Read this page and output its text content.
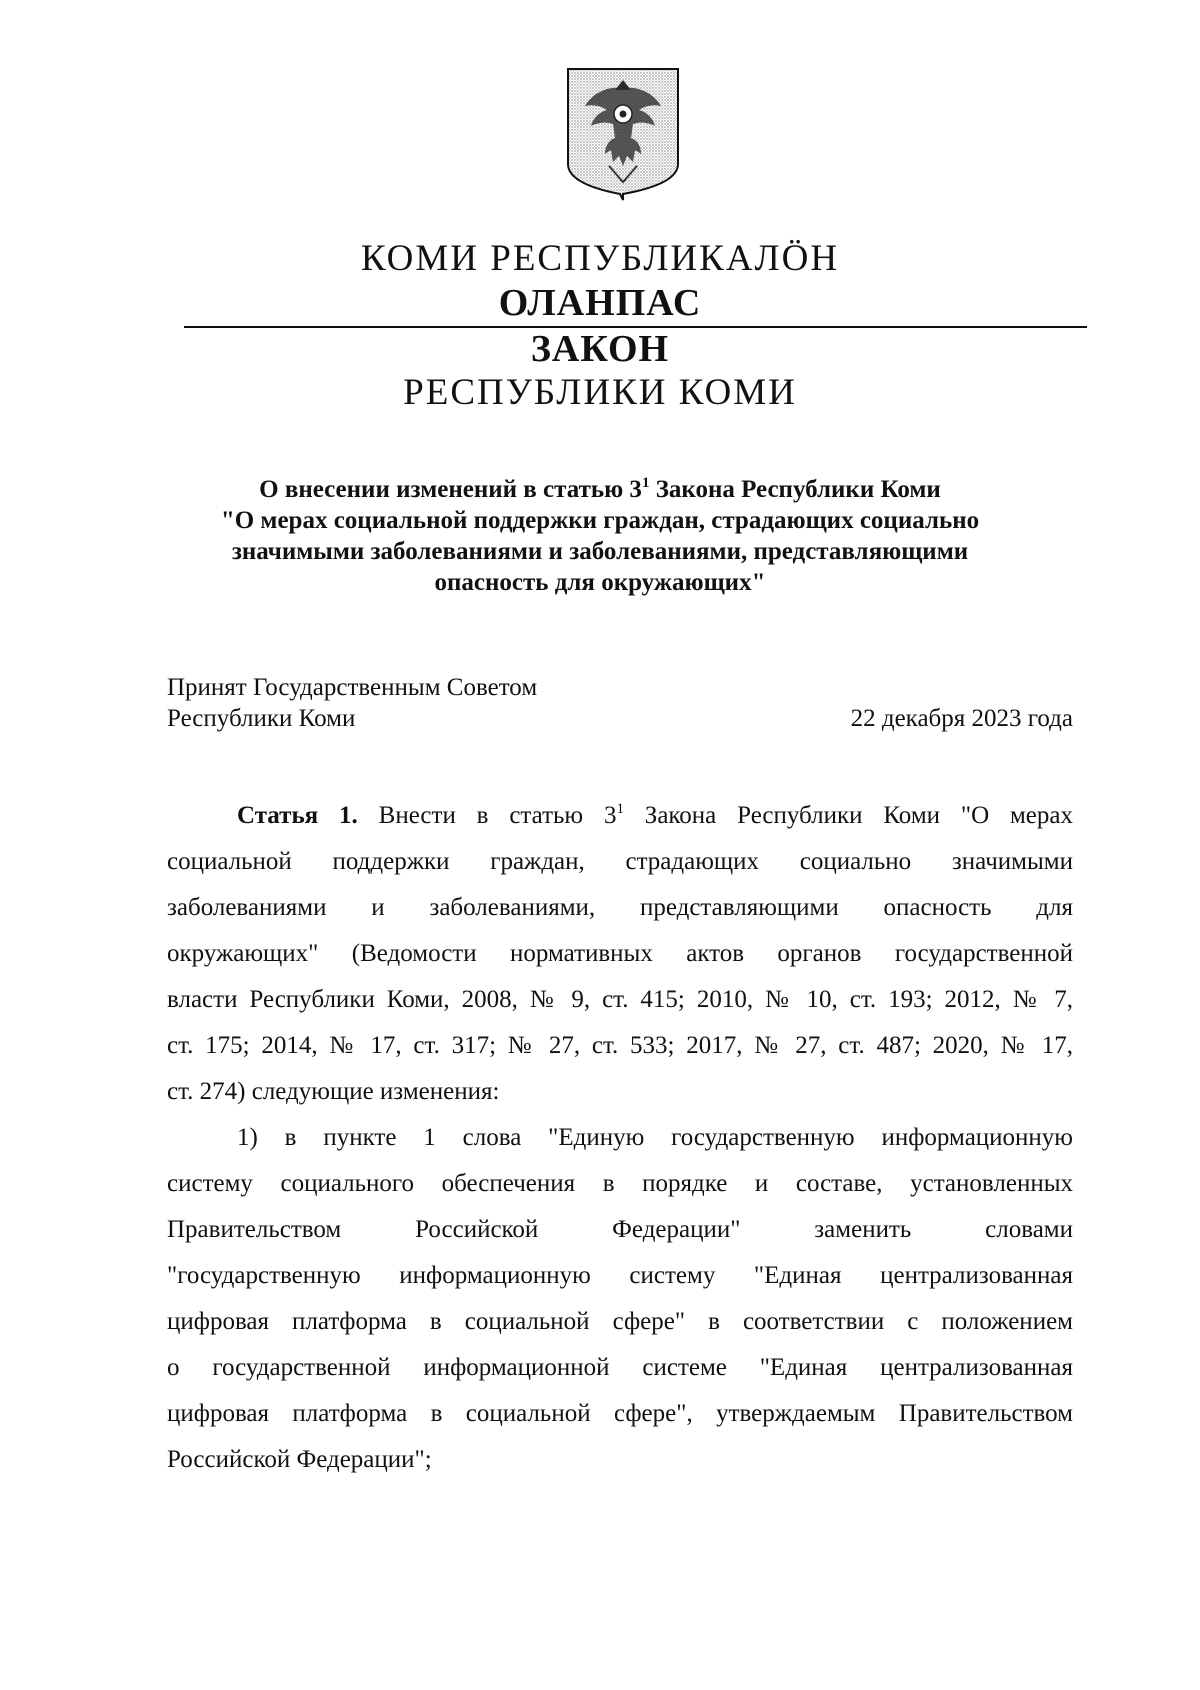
КОМИ РЕСПУБЛИКАЛӦН
ОЛАНПАС
ЗАКОН
РЕСПУБЛИКИ КОМИ
О внесении изменений в статью $3^1$ Закона Республики Коми
"О мерах социальной поддержки граждан, страдающих социально
значимыми заболеваниями и заболеваниями, представляющими
опасность для окружающих"
Принят Государственным Советом
Республики Коми	22 декабря 2023 года
Статья 1. Внести в статью $3^1$ Закона Республики Коми "О мерах
социальной поддержки граждан, страдающих социально значимыми
заболеваниями и заболеваниями, представляющими опасность для
окружающих" (Ведомости нормативных актов органов государственной
власти Республики Коми, 2008, № 9, ст. 415; 2010, № 10, ст. 193; 2012, № 7,
ст. 175; 2014, № 17, ст. 317; № 27, ст. 533; 2017, № 27, ст. 487; 2020, № 17,
ст. 274) следующие изменения:
1) в пункте 1 слова "Единую государственную информационную
систему социального обеспечения в порядке и составе, установленных
Правительством Российской Федерации" заменить словами
"государственную информационную систему "Единая централизованная
цифровая платформа в социальной сфере" в соответствии с положением
о государственной информационной системе "Единая централизованная
цифровая платформа в социальной сфере", утверждаемым Правительством
Российской Федерации";
